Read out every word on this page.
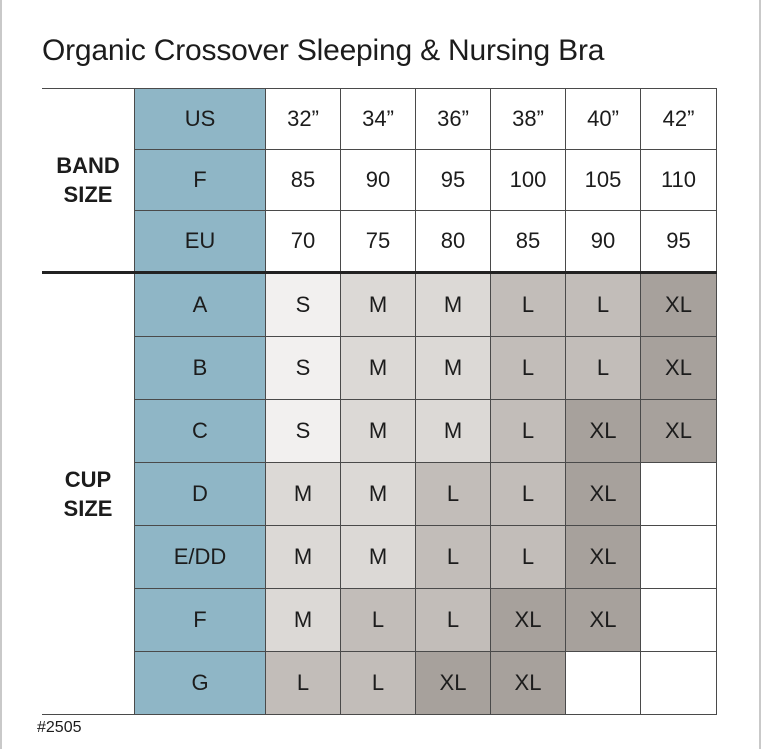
Organic Crossover Sleeping & Nursing Bra
BAND
SIZE	US	32”	34”	36”	38”	40”	42”
	F	85	90	95	100	105	110
	EU	70	75	80	85	90	95

CUP
SIZE	A	S	M	M	L	L	XL
	B	S	M	M	L	L	XL
	C	S	M	M	L	XL	XL
	D	M	M	L	L	XL	
	E/DD	M	M	L	L	XL	
	F	M	L	L	XL	XL	
	G	L	L	XL	XL		
#2505
